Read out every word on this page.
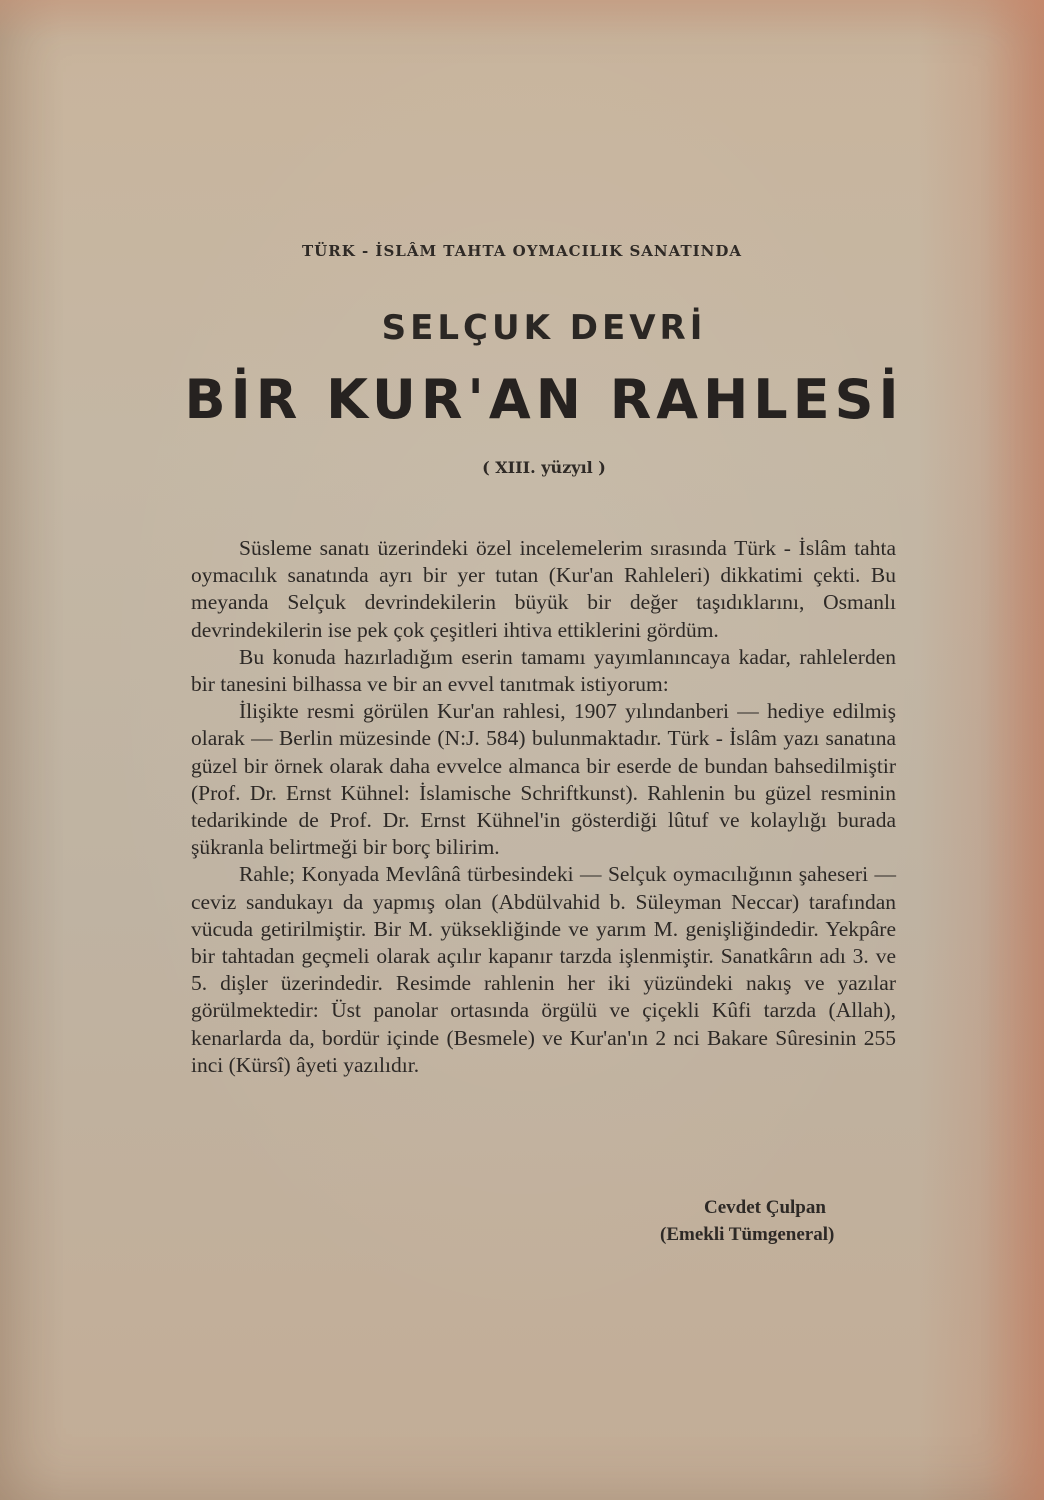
TÜRK - İSLÂM TAHTA OYMACILIK SANATINDA
SELÇUK DEVRİ
BİR KUR'AN RAHLESİ
( XIII. yüzyıl )

Süsleme sanatı üzerindeki özel incelemelerim sırasında Türk - İslâm tahta oymacılık sanatında ayrı bir yer tutan (Kur'an Rahleleri) dikkatimi çekti. Bu meyanda Selçuk devrindekilerin büyük bir değer taşıdıklarını, Osmanlı devrindekilerin ise pek çok çeşitleri ihtiva ettiklerini gördüm.

Bu konuda hazırladığım eserin tamamı yayımlanıncaya kadar, rahlelerden bir tanesini bilhassa ve bir an evvel tanıtmak istiyorum:

İlişikte resmi görülen Kur'an rahlesi, 1907 yılındanberi — hediye edilmiş olarak — Berlin müzesinde (N:J. 584) bulunmaktadır. Türk - İslâm yazı sanatına güzel bir örnek olarak daha evvelce almanca bir eserde de bundan bahsedilmiştir (Prof. Dr. Ernst Kühnel: İslamische Schriftkunst). Rahlenin bu güzel resminin tedarikinde de Prof. Dr. Ernst Kühnel'in gösterdiği lûtuf ve kolaylığı burada şükranla belirtmeği bir borç bilirim.

Rahle; Konyada Mevlânâ türbesindeki — Selçuk oymacılığının şaheseri — ceviz sandukayı da yapmış olan (Abdülvahid b. Süleyman Neccar) tarafından vücuda getirilmiştir. Bir M. yüksekliğinde ve yarım M. genişliğindedir. Yekpâre bir tahtadan geçmeli olarak açılır kapanır tarzda işlenmiştir. Sanatkârın adı 3. ve 5. dişler üzerindedir. Resimde rahlenin her iki yüzündeki nakış ve yazılar görülmektedir: Üst panolar ortasında örgülü ve çiçekli Kûfi tarzda (Allah), kenarlarda da, bordür içinde (Besmele) ve Kur'an'ın 2 nci Bakare Sûresinin 255 inci (Kürsî) âyeti yazılıdır.

Cevdet Çulpan
(Emekli Tümgeneral)
